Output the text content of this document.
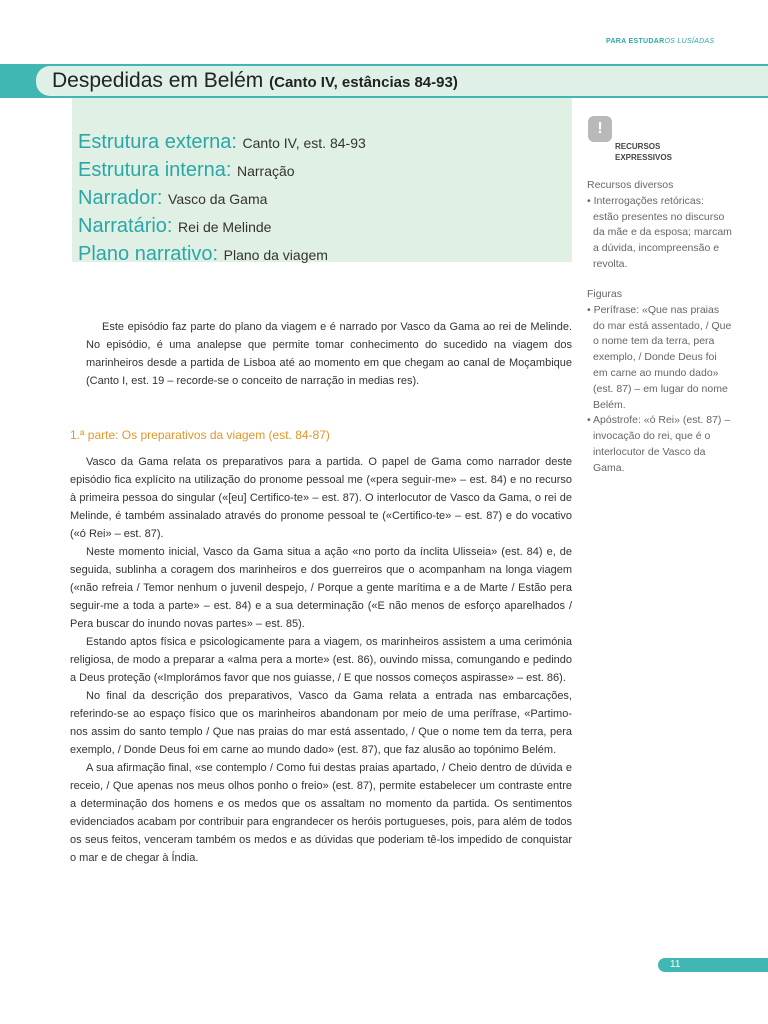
PARA ESTUDAROS LUSÍADAS
Despedidas em Belém (Canto IV, estâncias 84-93)
Estrutura externa: Canto IV, est. 84-93
Estrutura interna: Narração
Narrador: Vasco da Gama
Narratário: Rei de Melinde
Plano narrativo: Plano da viagem
!
RECURSOS
EXPRESSIVOS

Recursos diversos

• Interrogações retóricas: estão presentes no discurso da mãe e da esposa; marcam a dúvida, incompreensão e revolta.

Figuras

• Perífrase: «Que nas praias do mar está assentado, / Que o nome tem da terra, pera exemplo, / Donde Deus foi em carne ao mundo dado» (est. 87) – em lugar do nome Belém.

• Apóstrofe: «ó Rei» (est. 87) – invocação do rei, que é o interlocutor de Vasco da Gama.

Este episódio faz parte do plano da viagem e é narrado por Vasco da Gama ao rei de Melinde. No episódio, é uma analepse que permite tomar conhecimento do sucedido na viagem dos marinheiros desde a partida de Lisboa até ao momento em que chegam ao canal de Moçambique (Canto I, est. 19 – recorde-se o conceito de narração in medias res).

1.ª parte: Os preparativos da viagem (est. 84-87)

Vasco da Gama relata os preparativos para a partida. O papel de Gama como narrador deste episódio fica explícito na utilização do pronome pessoal me («pera seguir-me» – est. 84) e no recurso à primeira pessoa do singular («[eu] Certifico-te» – est. 87). O interlocutor de Vasco da Gama, o rei de Melinde, é também assinalado através do pronome pessoal te («Certifico-te» – est. 87) e do vocativo («ó Rei» – est. 87).

Neste momento inicial, Vasco da Gama situa a ação «no porto da ínclita Ulisseia» (est. 84) e, de seguida, sublinha a coragem dos marinheiros e dos guerreiros que o acompanham na longa viagem («não refreia / Temor nenhum o juvenil despejo, / Porque a gente marítima e a de Marte / Estão pera seguir-me a toda a parte» – est. 84) e a sua determinação («E não menos de esforço aparelhados / Pera buscar do inundo novas partes» – est. 85).

Estando aptos física e psicologicamente para a viagem, os marinheiros assistem a uma cerimónia religiosa, de modo a preparar a «alma pera a morte» (est. 86), ouvindo missa, comungando e pedindo a Deus proteção («Implorámos favor que nos guiasse, / E que nossos começos aspirasse» – est. 86).

No final da descrição dos preparativos, Vasco da Gama relata a entrada nas embarcações, referindo-se ao espaço físico que os marinheiros abandonam por meio de uma perífrase, «Partimo-nos assim do santo templo / Que nas praias do mar está assentado, / Que o nome tem da terra, pera exemplo, / Donde Deus foi em carne ao mundo dado» (est. 87), que faz alusão ao topónimo Belém.

A sua afirmação final, «se contemplo / Como fui destas praias apartado, / Cheio dentro de dúvida e receio, / Que apenas nos meus olhos ponho o freio» (est. 87), permite estabelecer um contraste entre a determinação dos homens e os medos que os assaltam no momento da partida. Os sentimentos evidenciados acabam por contribuir para engrandecer os heróis portugueses, pois, para além de todos os seus feitos, venceram também os medos e as dúvidas que poderiam tê-los impedido de conquistar o mar e de chegar à Índia.

11
